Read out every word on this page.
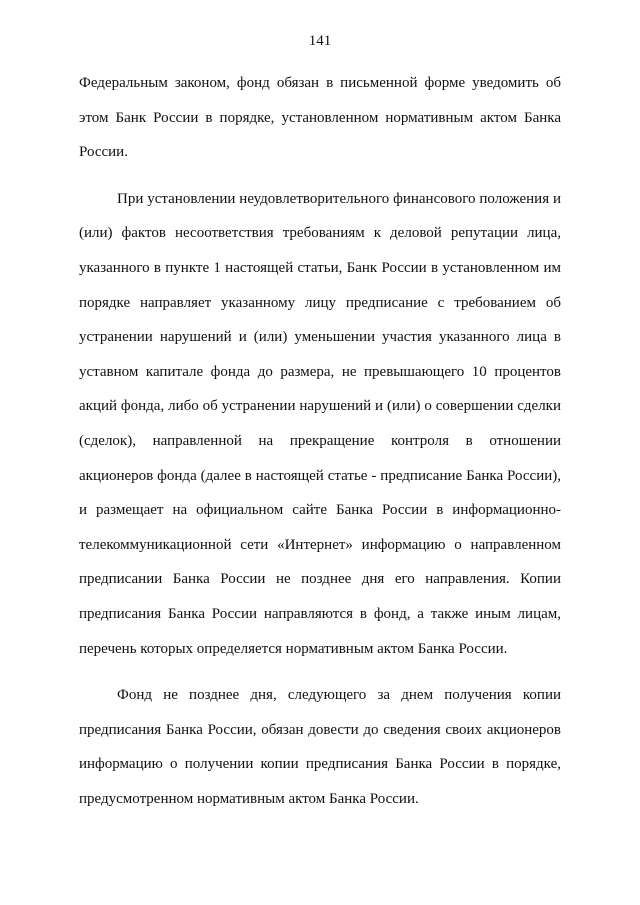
141
Федеральным законом, фонд обязан в письменной форме уведомить об
этом Банк России в порядке, установленном нормативным актом Банка
России.
При установлении неудовлетворительного финансового положения и
(или) фактов несоответствия требованиям к деловой репутации лица,
указанного в пункте 1 настоящей статьи, Банк России в установленном им
порядке направляет указанному лицу предписание с требованием об
устранении нарушений и (или) уменьшении участия указанного лица в
уставном капитале фонда до размера, не превышающего 10 процентов
акций фонда, либо об устранении нарушений и (или) о совершении сделки
(сделок), направленной на прекращение контроля в отношении
акционеров фонда (далее в настоящей статье - предписание Банка России),
и размещает на официальном сайте Банка России в информационно-
телекоммуникационной сети «Интернет» информацию о направленном
предписании Банка России не позднее дня его направления. Копии
предписания Банка России направляются в фонд, а также иным лицам,
перечень которых определяется нормативным актом Банка России.
Фонд не позднее дня, следующего за днем получения копии
предписания Банка России, обязан довести до сведения своих акционеров
информацию о получении копии предписания Банка России в порядке,
предусмотренном нормативным актом Банка России.
